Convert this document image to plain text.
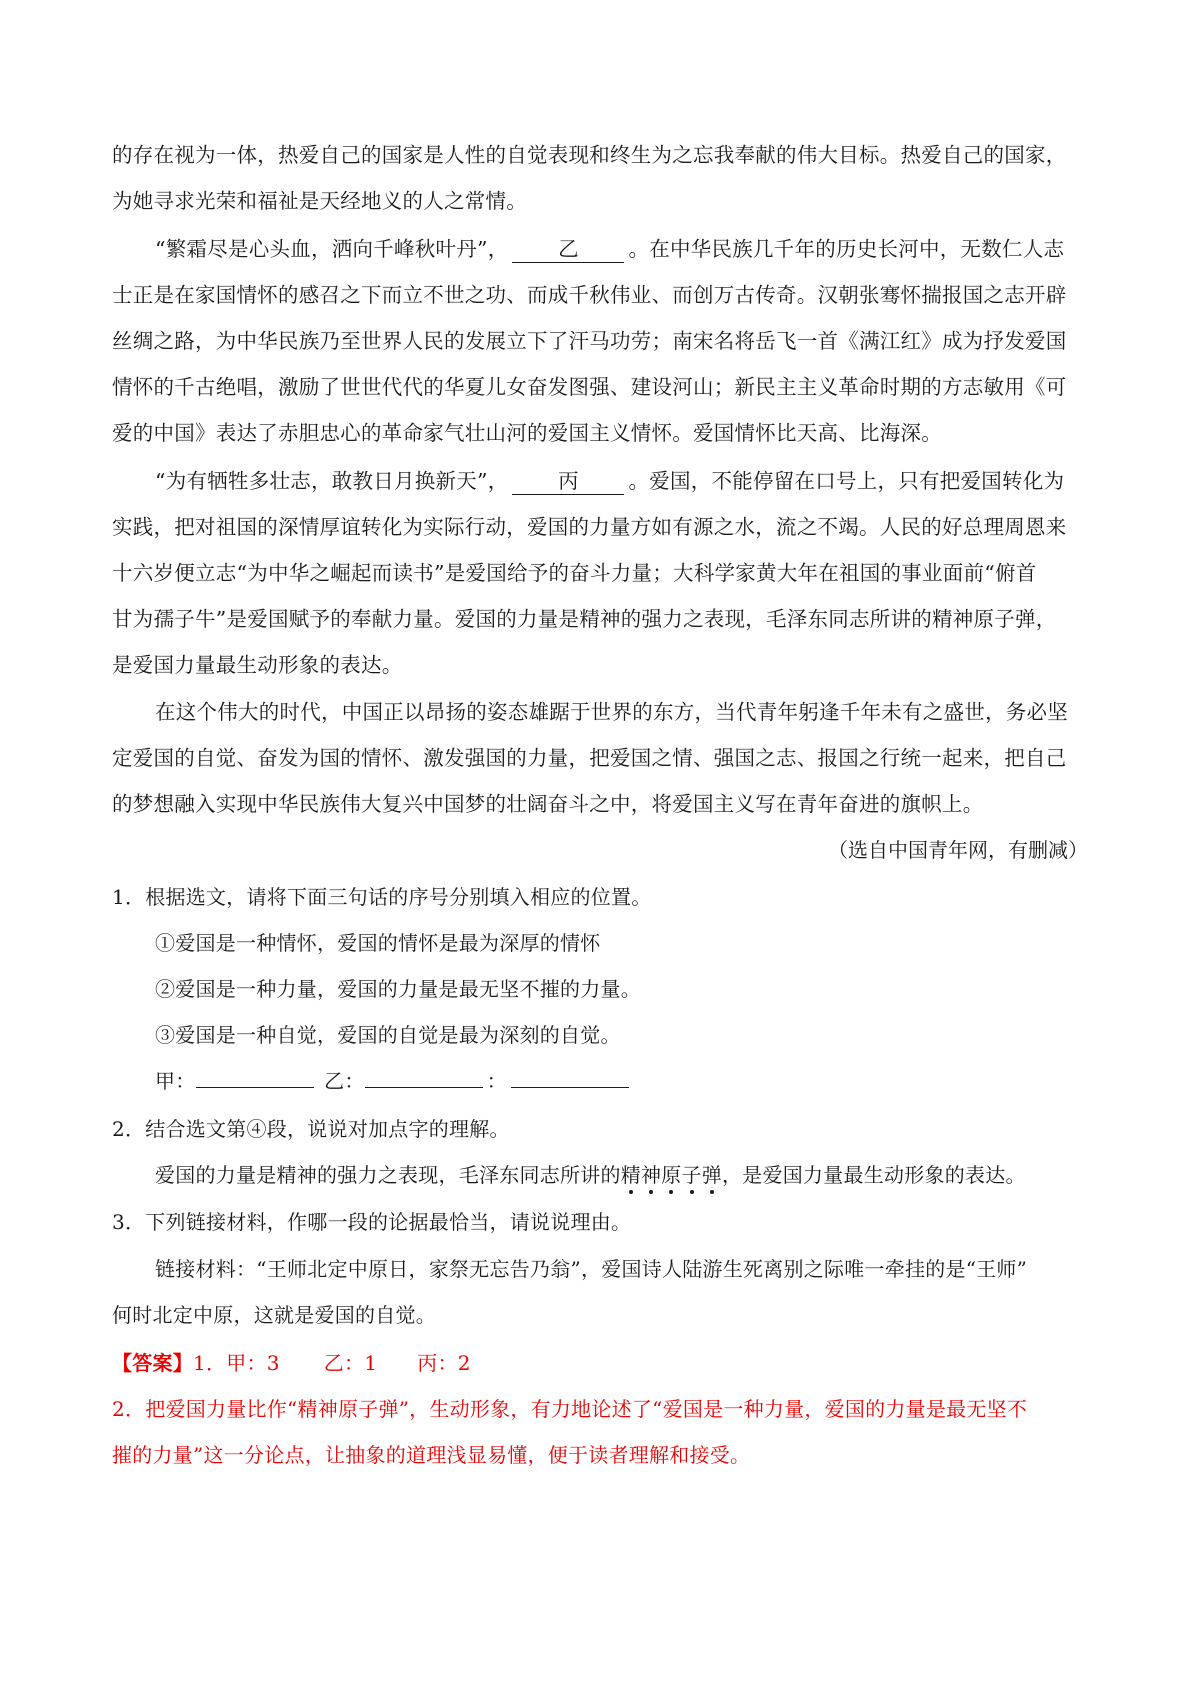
的存在视为一体，热爱自己的国家是人性的自觉表现和终生为之忘我奉献的伟大目标。热爱自己的国家，
为她寻求光荣和福祉是天经地义的人之常情。
“繁霜尽是心头血，洒向千峰秋叶丹”， 乙 。在中华民族几千年的历史长河中，无数仁人志
士正是在家国情怀的感召之下而立不世之功、而成千秋伟业、而创万古传奇。汉朝张骞怀揣报国之志开辟
丝绸之路，为中华民族乃至世界人民的发展立下了汗马功劳；南宋名将岳飞一首《满江红》成为抒发爱国
情怀的千古绝唱，激励了世世代代的华夏儿女奋发图强、建设河山；新民主主义革命时期的方志敏用《可
爱的中国》表达了赤胆忠心的革命家气壮山河的爱国主义情怀。爱国情怀比天高、比海深。
“为有牺牲多壮志，敢教日月换新天”， 丙 。爱国，不能停留在口号上，只有把爱国转化为
实践，把对祖国的深情厚谊转化为实际行动，爱国的力量方如有源之水，流之不竭。人民的好总理周恩来
十六岁便立志“为中华之崛起而读书”是爱国给予的奋斗力量；大科学家黄大年在祖国的事业面前“俯首
甘为孺子牛”是爱国赋予的奉献力量。爱国的力量是精神的强力之表现，毛泽东同志所讲的精神原子弹，
是爱国力量最生动形象的表达。
在这个伟大的时代，中国正以昂扬的姿态雄踞于世界的东方，当代青年躬逢千年未有之盛世，务必坚
定爱国的自觉、奋发为国的情怀、激发强国的力量，把爱国之情、强国之志、报国之行统一起来，把自己
的梦想融入实现中华民族伟大复兴中国梦的壮阔奋斗之中，将爱国主义写在青年奋进的旗帜上。
（选自中国青年网，有删减）
1．根据选文，请将下面三句话的序号分别填入相应的位置。
①爱国是一种情怀，爱国的情怀是最为深厚的情怀
②爱国是一种力量，爱国的力量是最无坚不摧的力量。
③爱国是一种自觉，爱国的自觉是最为深刻的自觉。
甲：	乙：	：
2．结合选文第④段，说说对加点字的理解。
爱国的力量是精神的强力之表现，毛泽东同志所讲的精神原子弹，是爱国力量最生动形象的表达。
3．下列链接材料，作哪一段的论据最恰当，请说说理由。
链接材料：“王师北定中原日，家祭无忘告乃翁”，爱国诗人陆游生死离别之际唯一牵挂的是“王师”
何时北定中原，这就是爱国的自觉。
【答案】1．甲：3 乙：1 丙：2
2．把爱国力量比作“精神原子弹”，生动形象，有力地论述了“爱国是一种力量，爱国的力量是最无坚不
摧的力量”这一分论点，让抽象的道理浅显易懂，便于读者理解和接受。
